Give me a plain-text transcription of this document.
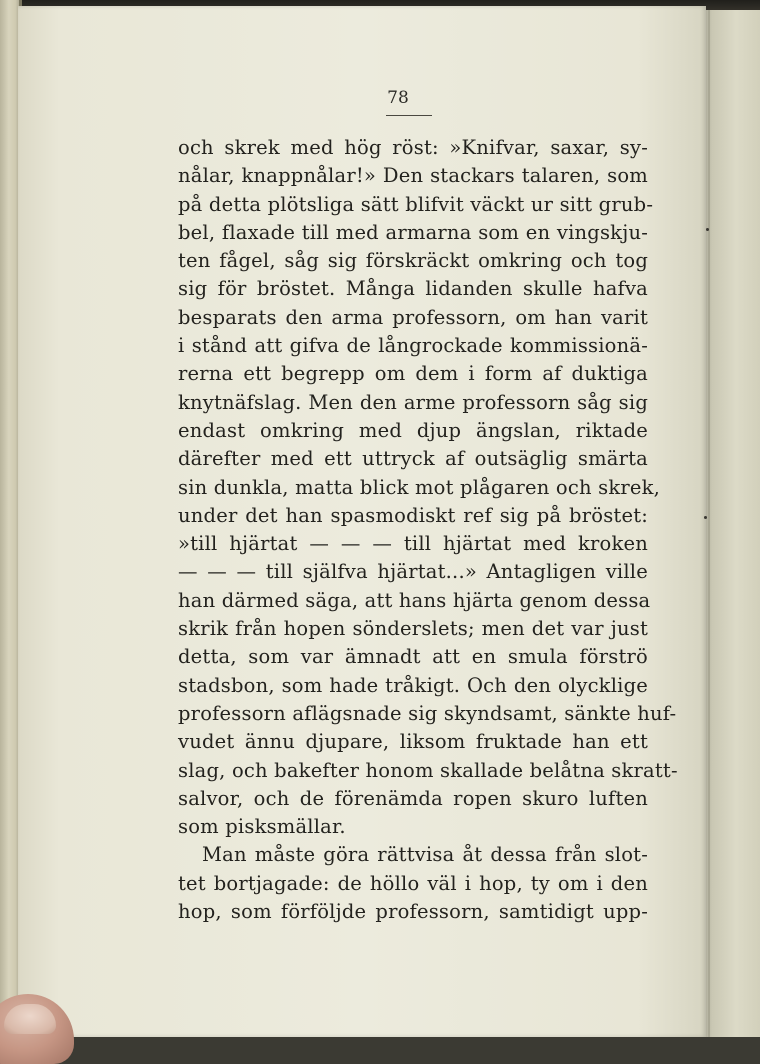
78
och skrek med hög röst: »Knifvar, saxar, sy-
nålar, knappnålar!» Den stackars talaren, som
på detta plötsliga sätt blifvit väckt ur sitt grub-
bel, flaxade till med armarna som en vingskju-
ten fågel, såg sig förskräckt omkring och tog
sig för bröstet. Många lidanden skulle hafva
besparats den arma professorn, om han varit
i stånd att gifva de långrockade kommissionä-
rerna ett begrepp om dem i form af duktiga
knytnäfslag. Men den arme professorn såg sig
endast omkring med djup ängslan, riktade
därefter med ett uttryck af outsäglig smärta
sin dunkla, matta blick mot plågaren och skrek,
under det han spasmodiskt ref sig på bröstet:
»till hjärtat — — — till hjärtat med kroken
— — — till själfva hjärtat...» Antagligen ville
han därmed säga, att hans hjärta genom dessa
skrik från hopen sönderslets; men det var just
detta, som var ämnadt att en smula förströ
stadsbon, som hade tråkigt. Och den olycklige
professorn aflägsnade sig skyndsamt, sänkte huf-
vudet ännu djupare, liksom fruktade han ett
slag, och bakefter honom skallade belåtna skratt-
salvor, och de förenämda ropen skuro luften
som pisksmällar.
Man måste göra rättvisa åt dessa från slot-
tet bortjagade: de höllo väl i hop, ty om i den
hop, som förföljde professorn, samtidigt upp-
